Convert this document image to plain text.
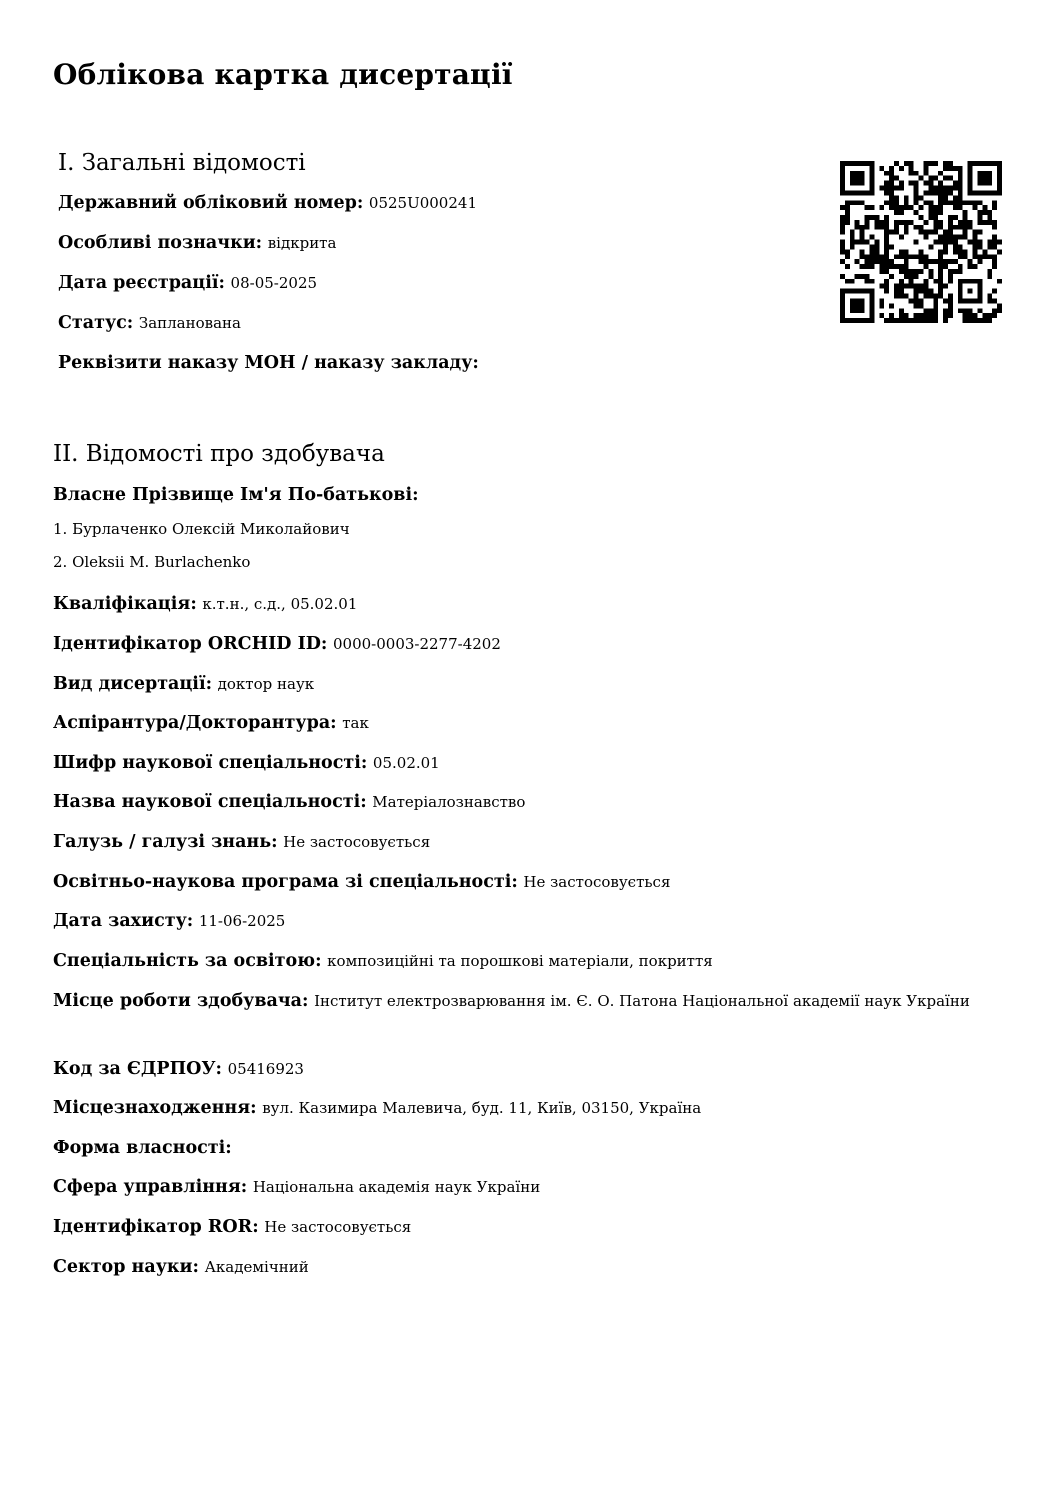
Облікова картка дисертації
I. Загальні відомості
Державний обліковий номер: 0525U000241
Особливі позначки: відкрита
Дата реєстрації: 08-05-2025
Статус: Запланована
Реквізити наказу МОН / наказу закладу:
II. Відомості про здобувача
Власне Прізвище Ім'я По-батькові:
1. Бурлаченко Олексій Миколайович
2. Oleksii M. Burlachenko
Кваліфікація: к.т.н., с.д., 05.02.01
Ідентифікатор ORCHID ID: 0000-0003-2277-4202
Вид дисертації: доктор наук
Аспірантура/Докторантура: так
Шифр наукової спеціальності: 05.02.01
Назва наукової спеціальності: Матеріалознавство
Галузь / галузі знань: Не застосовується
Освітньо-наукова програма зі спеціальності: Не застосовується
Дата захисту: 11-06-2025
Спеціальність за освітою: композиційні та порошкові матеріали, покриття
Місце роботи здобувача: Інститут електрозварювання ім. Є. О. Патона Національної академії наук України
Код за ЄДРПОУ: 05416923
Місцезнаходження: вул. Казимира Малевича, буд. 11, Київ, 03150, Україна
Форма власності:
Сфера управління: Національна академія наук України
Ідентифікатор ROR: Не застосовується
Сектор науки: Академічний
